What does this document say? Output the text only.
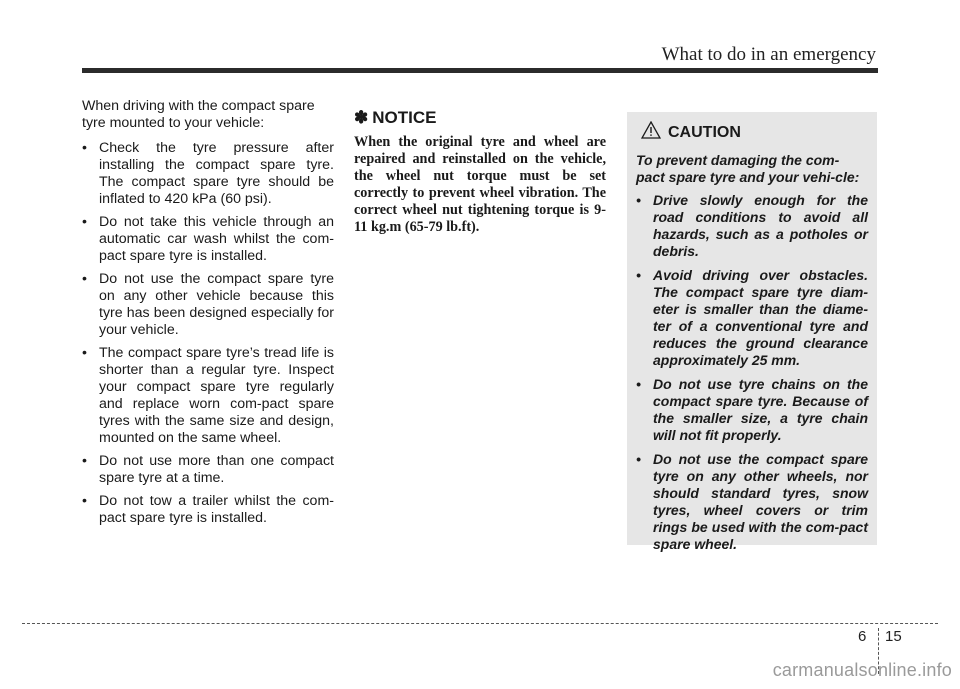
What to do in an emergency

When driving with the compact spare tyre mounted to your vehicle:

• Check the tyre pressure after installing the compact spare tyre. The compact spare tyre should be inflated to 420 kPa (60 psi).
• Do not take this vehicle through an automatic car wash whilst the com-pact spare tyre is installed.
• Do not use the compact spare tyre on any other vehicle because this tyre has been designed especially for your vehicle.
• The compact spare tyre’s tread life is shorter than a regular tyre. Inspect your compact spare tyre regularly and replace worn com-pact spare tyres with the same size and design, mounted on the same wheel.
• Do not use more than one compact spare tyre at a time.
• Do not tow a trailer whilst the com-pact spare tyre is installed.
✽ NOTICE

When the original tyre and wheel are repaired and reinstalled on the vehicle, the wheel nut torque must be set correctly to prevent wheel vibration. The correct wheel nut tightening torque is 9-11 kg.m (65-79 lb.ft).

CAUTION

To prevent damaging the com-pact spare tyre and your vehi-cle:

• Drive slowly enough for the road conditions to avoid all hazards, such as a potholes or debris.
• Avoid driving over obstacles. The compact spare tyre diam-eter is smaller than the diame-ter of a conventional tyre and reduces the ground clearance approximately 25 mm.
• Do not use tyre chains on the compact spare tyre. Because of the smaller size, a tyre chain will not fit properly.
• Do not use the compact spare tyre on any other wheels, nor should standard tyres, snow tyres, wheel covers or trim rings be used with the com-pact spare wheel.
6 15
carmanualsonline.info
